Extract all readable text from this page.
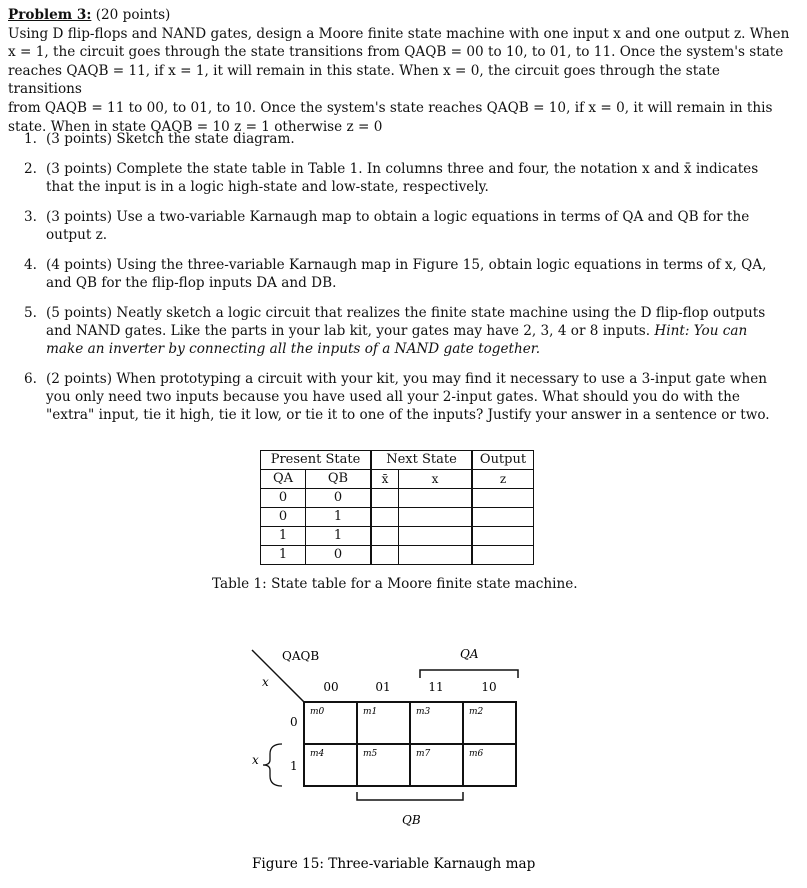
Problem 3: (20 points)
Using D flip-flops and NAND gates, design a Moore finite state machine with one input x and one output z. When
x = 1, the circuit goes through the state transitions from QAQB = 00 to 10, to 01, to 11. Once the system's state
reaches QAQB = 11, if x = 1, it will remain in this state. When x = 0, the circuit goes through the state transitions
from QAQB = 11 to 00, to 01, to 10. Once the system's state reaches QAQB = 10, if x = 0, it will remain in this
state. When in state QAQB = 10 z = 1 otherwise z = 0
1. (3 points) Sketch the state diagram.
2. (3 points) Complete the state table in Table 1. In columns three and four, the notation x and x̄ indicates that the input is in a logic high-state and low-state, respectively.
3. (3 points) Use a two-variable Karnaugh map to obtain a logic equations in terms of QA and QB for the output z.
4. (4 points) Using the three-variable Karnaugh map in Figure 15, obtain logic equations in terms of x, QA, and QB for the flip-flop inputs DA and DB.
5. (5 points) Neatly sketch a logic circuit that realizes the finite state machine using the D flip-flop outputs and NAND gates. Like the parts in your lab kit, your gates may have 2, 3, 4 or 8 inputs. Hint: You can make an inverter by connecting all the inputs of a NAND gate together.
6. (2 points) When prototyping a circuit with your kit, you may find it necessary to use a 3-input gate when you only need two inputs because you have used all your 2-input gates. What should you do with the "extra" input, tie it high, tie it low, or tie it to one of the inputs? Justify your answer in a sentence or two.
Present State		Next State		Output
QA	QB	x̄	x	z
0	0			
0	1			
1	1			
1	0			
Table 1: State table for a Moore finite state machine.
QAQB
x
QA
00	01	11	10
0
1
m0	m1	m3	m2
m4	m5	m7	m6
x
QB
Figure 15: Three-variable Karnaugh map
